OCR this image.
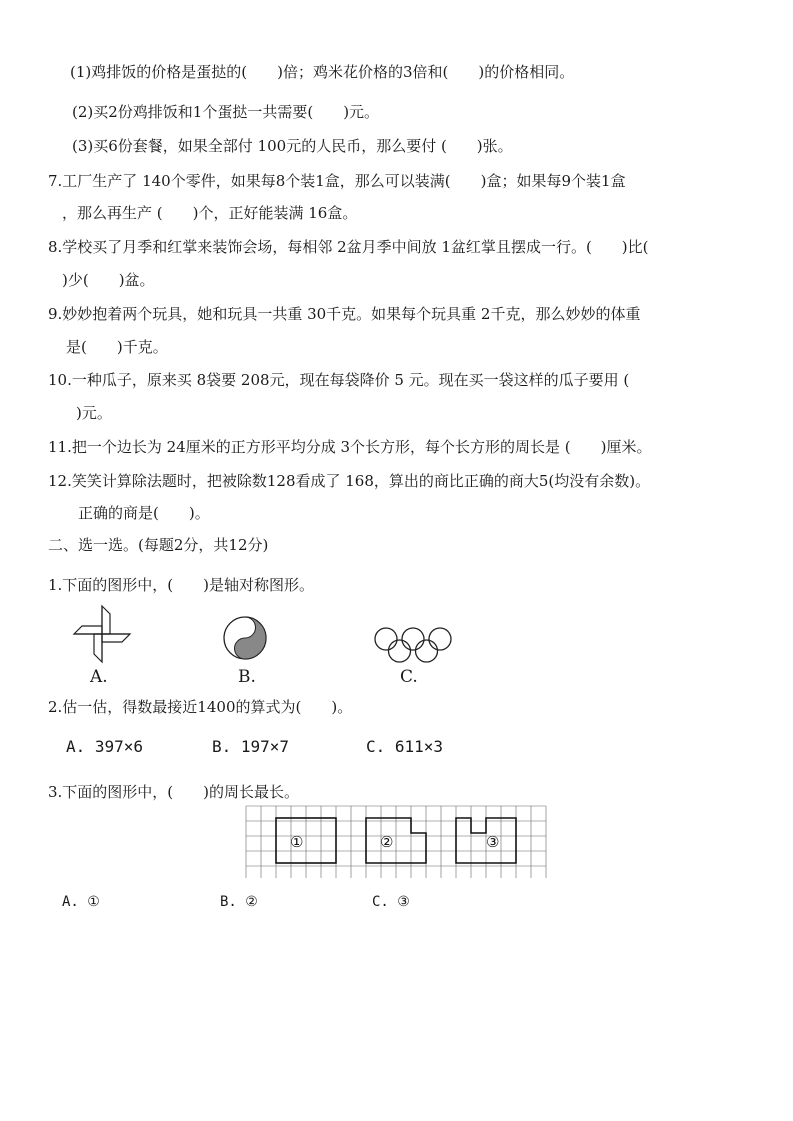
(1)鸡排饭的价格是蛋挞的(　　)倍；鸡米花价格的3倍和(　　)的价格相同。
(2)买2份鸡排饭和1个蛋挞一共需要(　　)元。
(3)买6份套餐，如果全部付 100元的人民币，那么要付 (　　)张。
7.工厂生产了 140个零件，如果每8个装1盒，那么可以装满(　　)盒；如果每9个装1盒
，那么再生产 (　　)个，正好能装满 16盒。
8.学校买了月季和红掌来装饰会场，每相邻 2盆月季中间放 1盆红掌且摆成一行。(　　)比(
)少(　　)盆。
9.妙妙抱着两个玩具，她和玩具一共重 30千克。如果每个玩具重 2千克，那么妙妙的体重
是(　　)千克。
10.一种瓜子，原来买 8袋要 208元，现在每袋降价 5 元。现在买一袋这样的瓜子要用 (
)元。
11.把一个边长为 24厘米的正方形平均分成 3个长方形，每个长方形的周长是 (　　)厘米。
12.笑笑计算除法题时，把被除数128看成了 168，算出的商比正确的商大5(均没有余数)。
正确的商是(　　)。
二、选一选。(每题2分，共12分)
1.下面的图形中，(　　)是轴对称图形。
A.	B.	C.
2.估一估，得数最接近1400的算式为(　　)。
A. 397×6	B. 197×7	C. 611×3
3.下面的图形中，(　　)的周长最长。
①	②	③
A. ①	B. ②	C. ③
